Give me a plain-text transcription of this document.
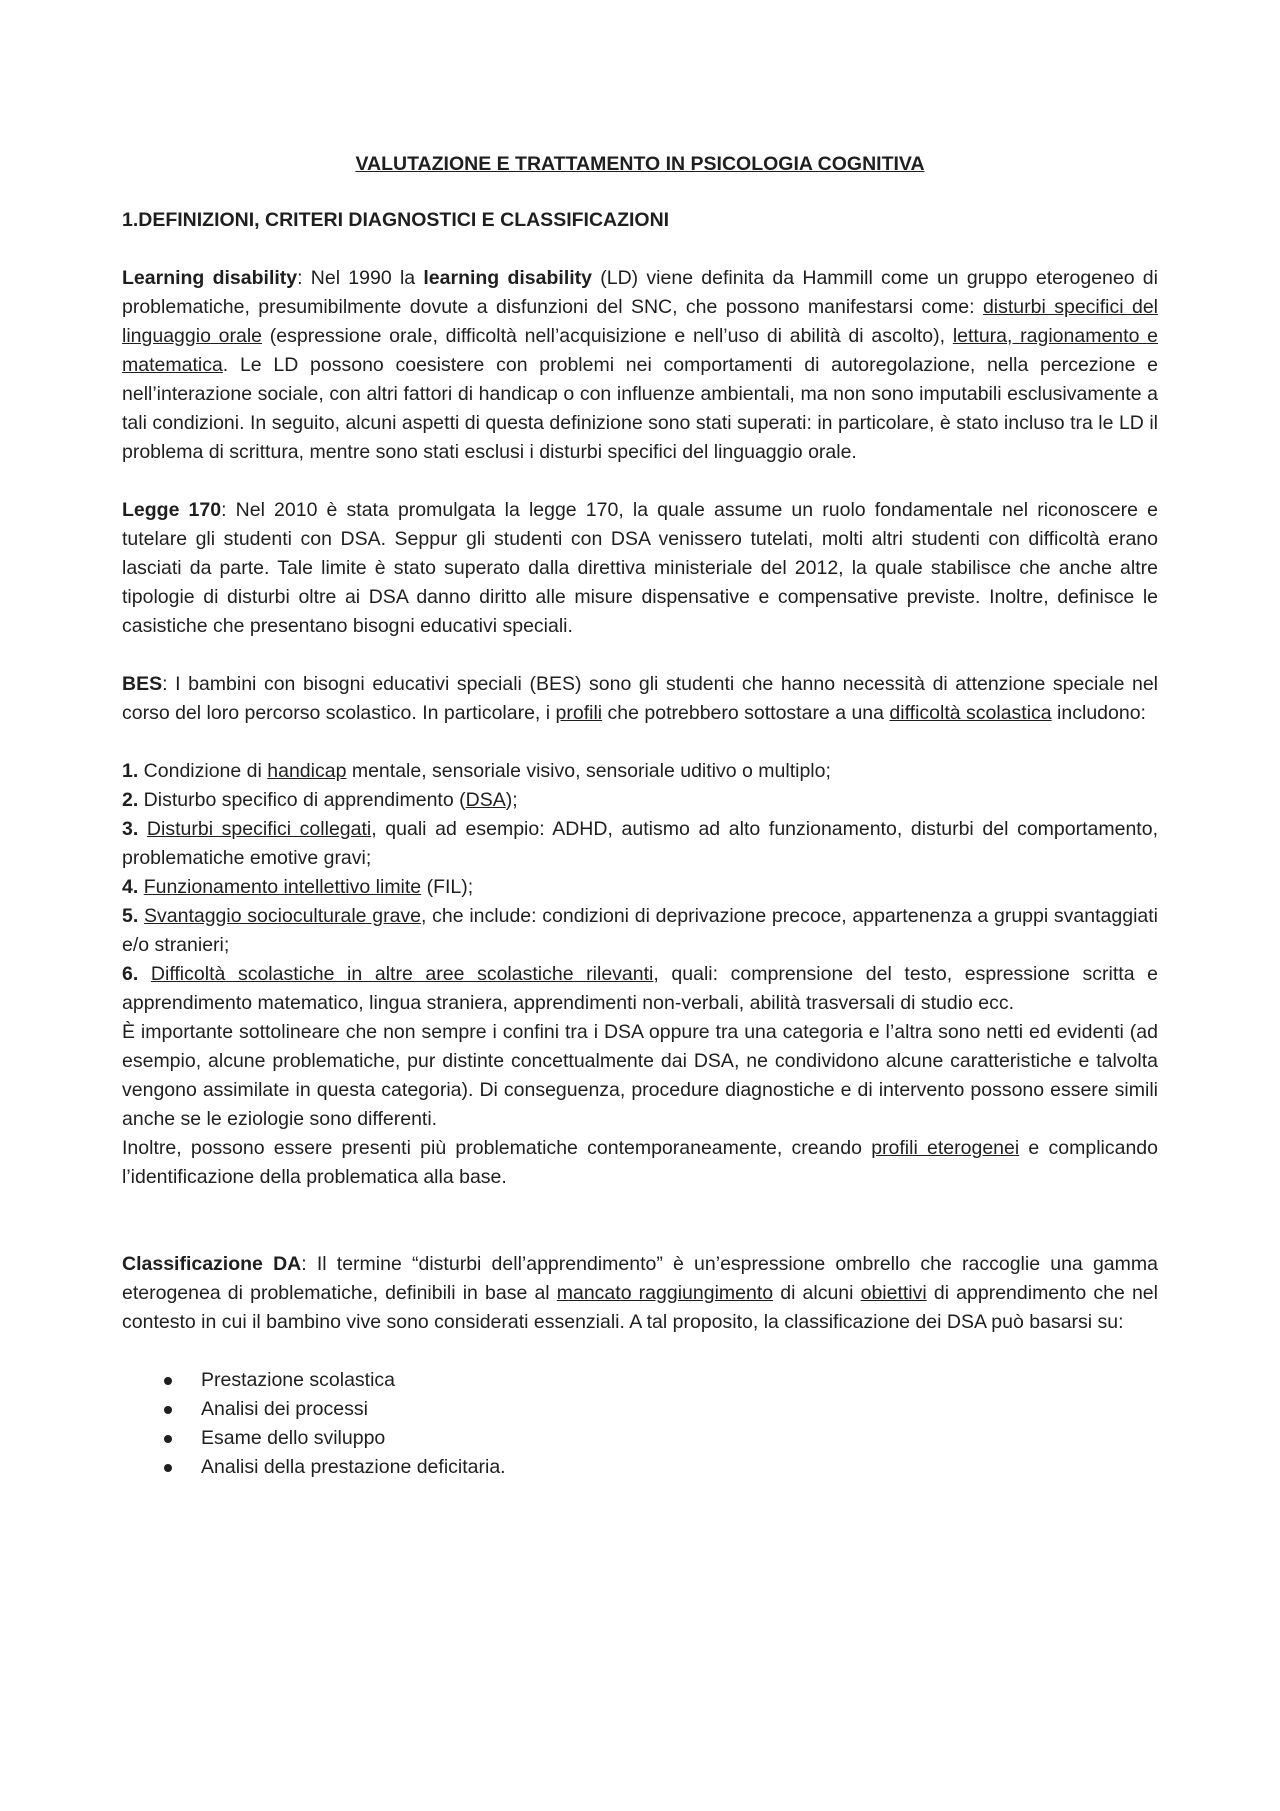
VALUTAZIONE E TRATTAMENTO IN PSICOLOGIA COGNITIVA
1.DEFINIZIONI, CRITERI DIAGNOSTICI E CLASSIFICAZIONI

Learning disability: Nel 1990 la learning disability (LD) viene definita da Hammill come un gruppo eterogeneo di problematiche, presumibilmente dovute a disfunzioni del SNC, che possono manifestarsi come: disturbi specifici del linguaggio orale (espressione orale, difficoltà nell’acquisizione e nell’uso di abilità di ascolto), lettura, ragionamento e matematica. Le LD possono coesistere con problemi nei comportamenti di autoregolazione, nella percezione e nell’interazione sociale, con altri fattori di handicap o con influenze ambientali, ma non sono imputabili esclusivamente a tali condizioni. In seguito, alcuni aspetti di questa definizione sono stati superati: in particolare, è stato incluso tra le LD il problema di scrittura, mentre sono stati esclusi i disturbi specifici del linguaggio orale.

Legge 170: Nel 2010 è stata promulgata la legge 170, la quale assume un ruolo fondamentale nel riconoscere e tutelare gli studenti con DSA. Seppur gli studenti con DSA venissero tutelati, molti altri studenti con difficoltà erano lasciati da parte. Tale limite è stato superato dalla direttiva ministeriale del 2012, la quale stabilisce che anche altre tipologie di disturbi oltre ai DSA danno diritto alle misure dispensative e compensative previste. Inoltre, definisce le casistiche che presentano bisogni educativi speciali.

BES: I bambini con bisogni educativi speciali (BES) sono gli studenti che hanno necessità di attenzione speciale nel corso del loro percorso scolastico. In particolare, i profili che potrebbero sottostare a una difficoltà scolastica includono:

1. Condizione di handicap mentale, sensoriale visivo, sensoriale uditivo o multiplo;
2. Disturbo specifico di apprendimento (DSA);
3. Disturbi specifici collegati, quali ad esempio: ADHD, autismo ad alto funzionamento, disturbi del comportamento, problematiche emotive gravi;
4. Funzionamento intellettivo limite (FIL);
5. Svantaggio socioculturale grave, che include: condizioni di deprivazione precoce, appartenenza a gruppi svantaggiati e/o stranieri;
6. Difficoltà scolastiche in altre aree scolastiche rilevanti, quali: comprensione del testo, espressione scritta e apprendimento matematico, lingua straniera, apprendimenti non-verbali, abilità trasversali di studio ecc.

È importante sottolineare che non sempre i confini tra i DSA oppure tra una categoria e l’altra sono netti ed evidenti (ad esempio, alcune problematiche, pur distinte concettualmente dai DSA, ne condividono alcune caratteristiche e talvolta vengono assimilate in questa categoria). Di conseguenza, procedure diagnostiche e di intervento possono essere simili anche se le eziologie sono differenti.

Inoltre, possono essere presenti più problematiche contemporaneamente, creando profili eterogenei e complicando l’identificazione della problematica alla base.

Classificazione DA: Il termine “disturbi dell’apprendimento” è un’espressione ombrello che raccoglie una gamma eterogenea di problematiche, definibili in base al mancato raggiungimento di alcuni obiettivi di apprendimento che nel contesto in cui il bambino vive sono considerati essenziali. A tal proposito, la classificazione dei DSA può basarsi su:

Prestazione scolastica
Analisi dei processi
Esame dello sviluppo
Analisi della prestazione deficitaria.
